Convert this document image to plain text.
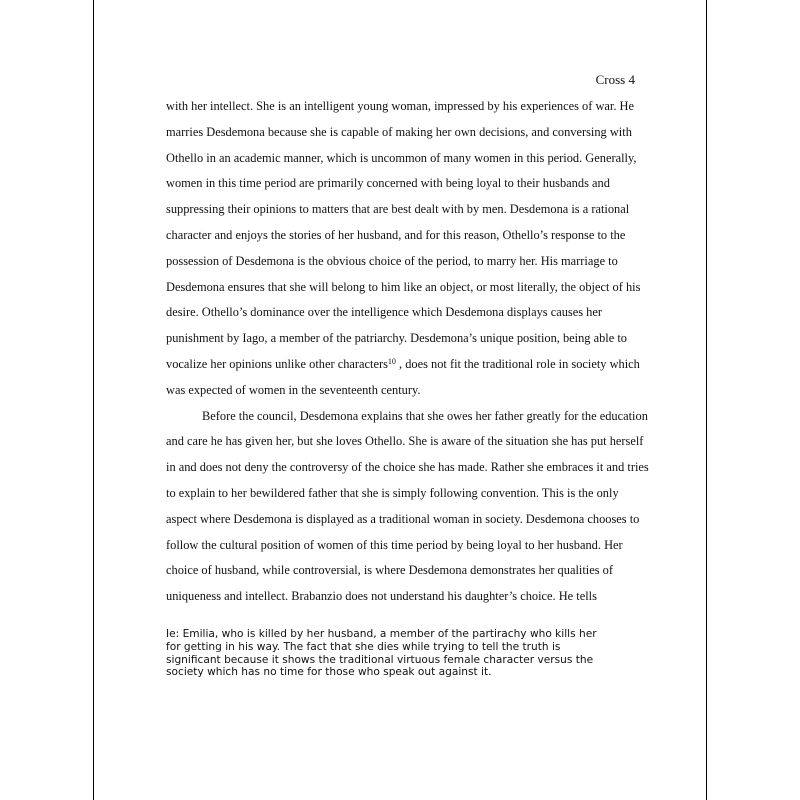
Cross 4
with her intellect. She is an intelligent young woman, impressed by his experiences of war. He
marries Desdemona because she is capable of making her own decisions, and conversing with
Othello in an academic manner, which is uncommon of many women in this period. Generally,
women in this time period are primarily concerned with being loyal to their husbands and
suppressing their opinions to matters that are best dealt with by men. Desdemona is a rational
character and enjoys the stories of her husband, and for this reason, Othello’s response to the
possession of Desdemona is the obvious choice of the period, to marry her. His marriage to
Desdemona ensures that she will belong to him like an object, or most literally, the object of his
desire. Othello’s dominance over the intelligence which Desdemona displays causes her
punishment by Iago, a member of the patriarchy. Desdemona’s unique position, being able to
vocalize her opinions unlike other characters$^{10}$ , does not fit the traditional role in society which
was expected of women in the seventeenth century.
Before the council, Desdemona explains that she owes her father greatly for the education
and care he has given her, but she loves Othello. She is aware of the situation she has put herself
in and does not deny the controversy of the choice she has made. Rather she embraces it and tries
to explain to her bewildered father that she is simply following convention. This is the only
aspect where Desdemona is displayed as a traditional woman in society. Desdemona chooses to
follow the cultural position of women of this time period by being loyal to her husband. Her
choice of husband, while controversial, is where Desdemona demonstrates her qualities of
uniqueness and intellect. Brabanzio does not understand his daughter’s choice. He tells
Ie: Emilia, who is killed by her husband, a member of the partirachy who kills her
for getting in his way. The fact that she dies while trying to tell the truth is
significant because it shows the traditional virtuous female character versus the
society which has no time for those who speak out against it.
